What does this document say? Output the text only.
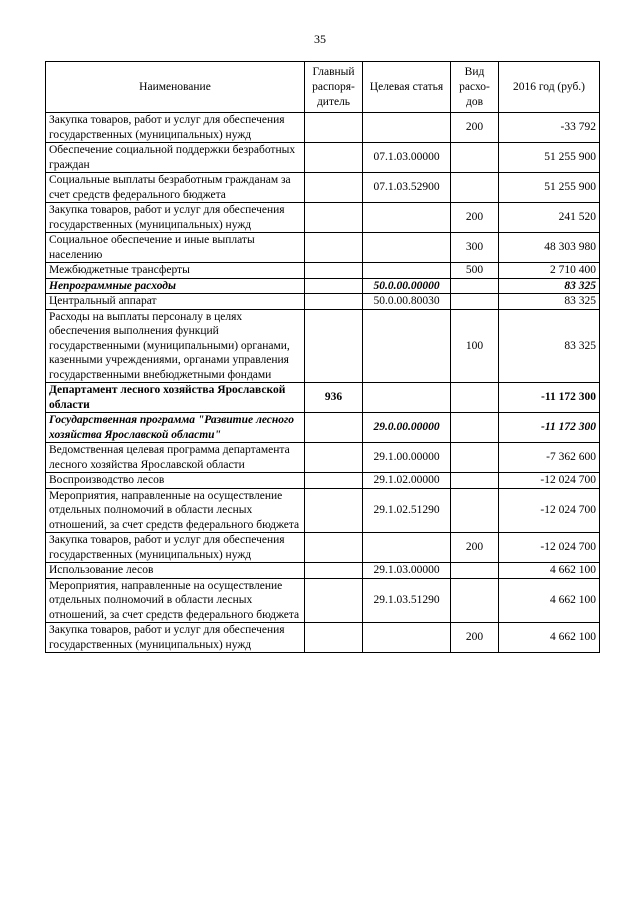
35
Наименование	Главный распоря-дитель	Целевая статья	Вид расхо-дов	2016 год (руб.)
Закупка товаров, работ и услуг для обеспечения государственных (муниципальных) нужд			200	-33 792
Обеспечение социальной поддержки безработных граждан		07.1.03.00000		51 255 900
Социальные выплаты безработным гражданам за счет средств федерального бюджета		07.1.03.52900		51 255 900
Закупка товаров, работ и услуг для обеспечения государственных (муниципальных) нужд			200	241 520
Социальное обеспечение и иные выплаты населению			300	48 303 980
Межбюджетные трансферты			500	2 710 400
Непрограммные расходы		50.0.00.00000		83 325
Центральный аппарат		50.0.00.80030		83 325
Расходы на выплаты персоналу в целях обеспечения выполнения функций государственными (муниципальными) органами, казенными учреждениями, органами управления государственными внебюджетными фондами			100	83 325
Департамент лесного хозяйства Ярославской области	936			-11 172 300
Государственная программа "Развитие лесного хозяйства Ярославской области"		29.0.00.00000		-11 172 300
Ведомственная целевая программа департамента лесного хозяйства Ярославской области		29.1.00.00000		-7 362 600
Воспроизводство лесов		29.1.02.00000		-12 024 700
Мероприятия, направленные на осуществление отдельных полномочий в области лесных отношений, за счет средств федерального бюджета		29.1.02.51290		-12 024 700
Закупка товаров, работ и услуг для обеспечения государственных (муниципальных) нужд			200	-12 024 700
Использование лесов		29.1.03.00000		4 662 100
Мероприятия, направленные на осуществление отдельных полномочий в области лесных отношений, за счет средств федерального бюджета		29.1.03.51290		4 662 100
Закупка товаров, работ и услуг для обеспечения государственных (муниципальных) нужд			200	4 662 100
